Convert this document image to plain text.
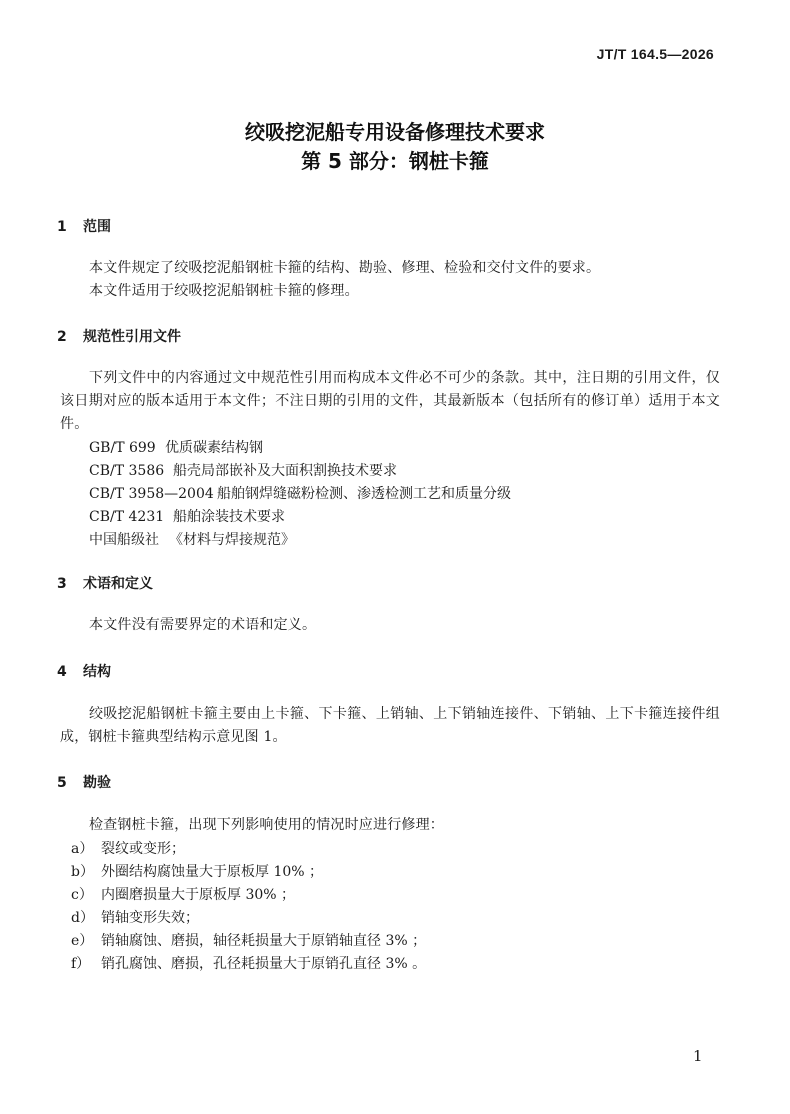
JT/T 164.5—2026
绞吸挖泥船专用设备修理技术要求
第 5 部分：钢桩卡箍
1 范围
本文件规定了绞吸挖泥船钢桩卡箍的结构、勘验、修理、检验和交付文件的要求。
本文件适用于绞吸挖泥船钢桩卡箍的修理。
2 规范性引用文件
下列文件中的内容通过文中规范性引用而构成本文件必不可少的条款。其中，注日期的引用文件，仅该日期对应的版本适用于本文件；不注日期的引用的文件，其最新版本（包括所有的修订单）适用于本文件。
GB/T 699 优质碳素结构钢
CB/T 3586 船壳局部嵌补及大面积割换技术要求
CB/T 3958—2004 船舶钢焊缝磁粉检测、渗透检测工艺和质量分级
CB/T 4231 船舶涂装技术要求
中国船级社 《材料与焊接规范》
3 术语和定义
本文件没有需要界定的术语和定义。
4 结构
绞吸挖泥船钢桩卡箍主要由上卡箍、下卡箍、上销轴、上下销轴连接件、下销轴、上下卡箍连接件组成，钢桩卡箍典型结构示意见图 1。
5 勘验
检查钢桩卡箍，出现下列影响使用的情况时应进行修理：
a） 裂纹或变形；
b） 外圈结构腐蚀量大于原板厚 10% ；
c） 内圈磨损量大于原板厚 30% ；
d） 销轴变形失效；
e） 销轴腐蚀、磨损，轴径耗损量大于原销轴直径 3% ；
f） 销孔腐蚀、磨损，孔径耗损量大于原销孔直径 3% 。
1
